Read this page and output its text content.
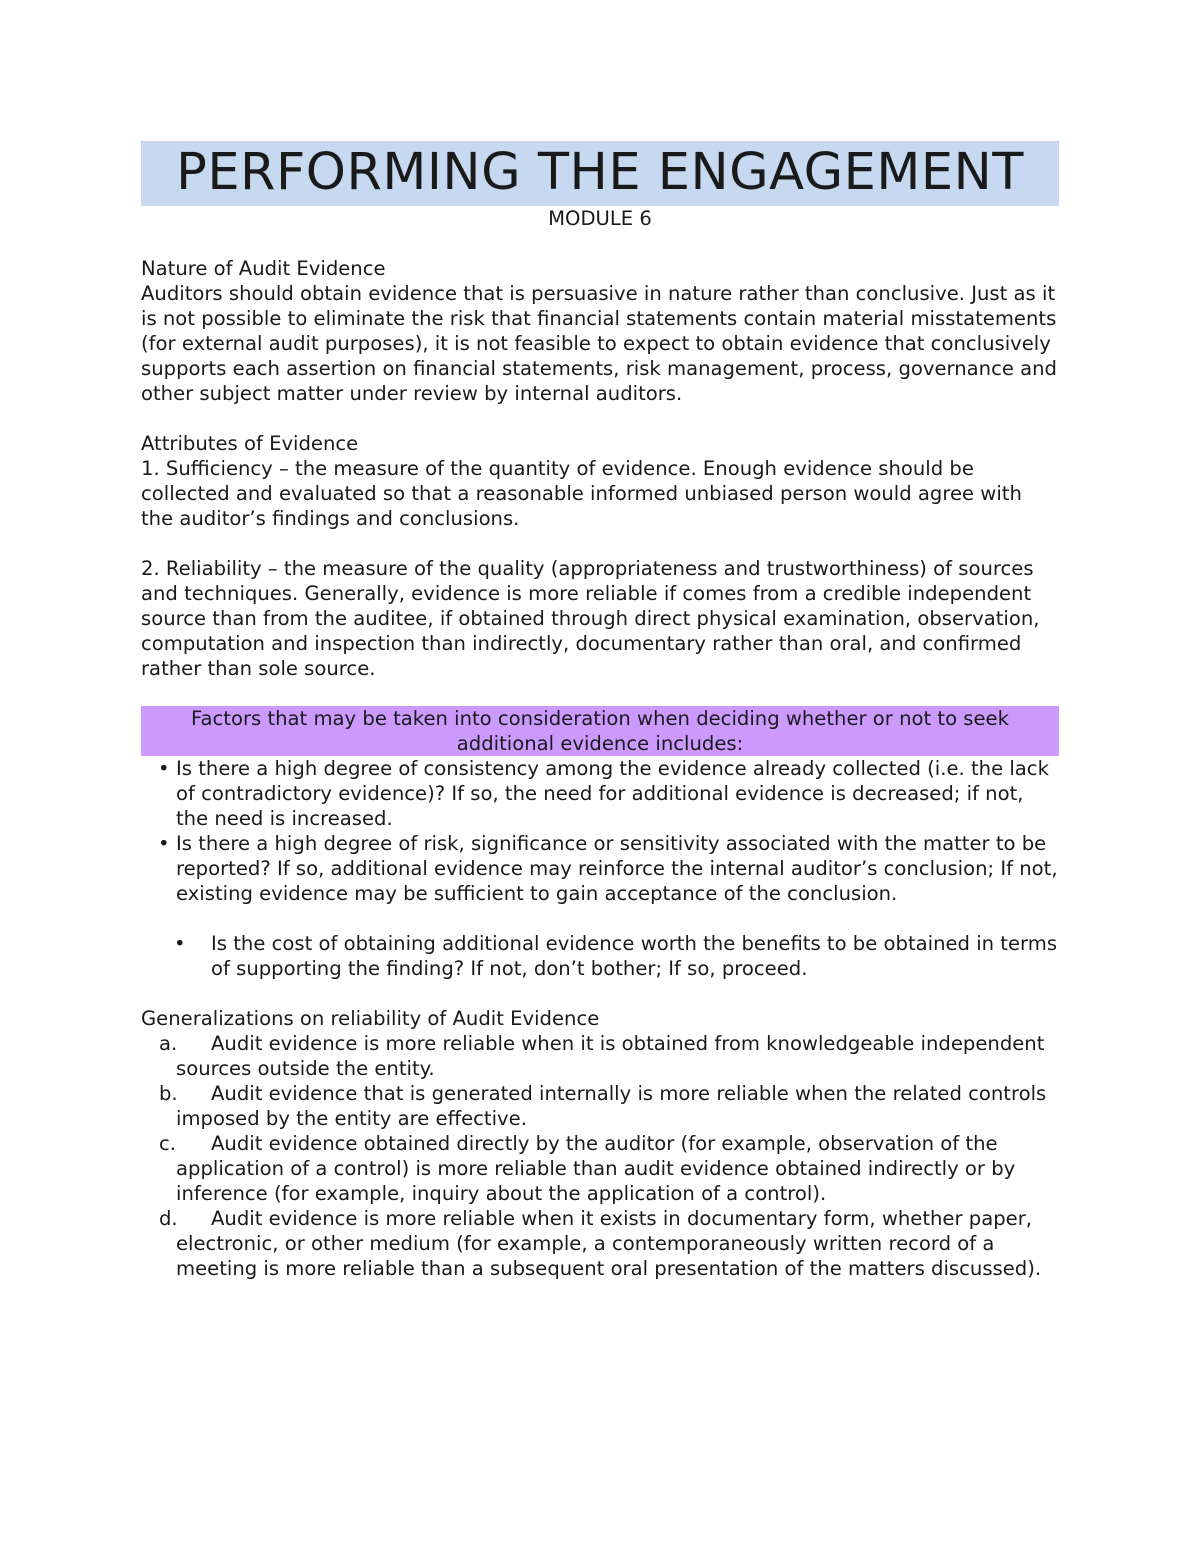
PERFORMING THE ENGAGEMENT
MODULE 6

Nature of Audit Evidence

Auditors should obtain evidence that is persuasive in nature rather than conclusive. Just as it is not possible to eliminate the risk that financial statements contain material misstatements (for external audit purposes), it is not feasible to expect to obtain evidence that conclusively supports each assertion on financial statements, risk management, process, governance and other subject matter under review by internal auditors.

Attributes of Evidence

1. Sufficiency – the measure of the quantity of evidence. Enough evidence should be collected and evaluated so that a reasonable informed unbiased person would agree with the auditor’s findings and conclusions.

2. Reliability – the measure of the quality (appropriateness and trustworthiness) of sources and techniques. Generally, evidence is more reliable if comes from a credible independent source than from the auditee, if obtained through direct physical examination, observation, computation and inspection than indirectly, documentary rather than oral, and confirmed rather than sole source.

Factors that may be taken into consideration when deciding whether or not to seek additional evidence includes:
• Is there a high degree of consistency among the evidence already collected (i.e. the lack of contradictory evidence)? If so, the need for additional evidence is decreased; if not, the need is increased.
• Is there a high degree of risk, significance or sensitivity associated with the matter to be reported? If so, additional evidence may reinforce the internal auditor’s conclusion; If not, existing evidence may be sufficient to gain acceptance of the conclusion.
• Is the cost of obtaining additional evidence worth the benefits to be obtained in terms of supporting the finding? If not, don’t bother; If so, proceed.

Generalizations on reliability of Audit Evidence

a. Audit evidence is more reliable when it is obtained from knowledgeable independent sources outside the entity.
b. Audit evidence that is generated internally is more reliable when the related controls imposed by the entity are effective.
c. Audit evidence obtained directly by the auditor (for example, observation of the application of a control) is more reliable than audit evidence obtained indirectly or by inference (for example, inquiry about the application of a control).
d. Audit evidence is more reliable when it exists in documentary form, whether paper, electronic, or other medium (for example, a contemporaneously written record of a meeting is more reliable than a subsequent oral presentation of the matters discussed).
